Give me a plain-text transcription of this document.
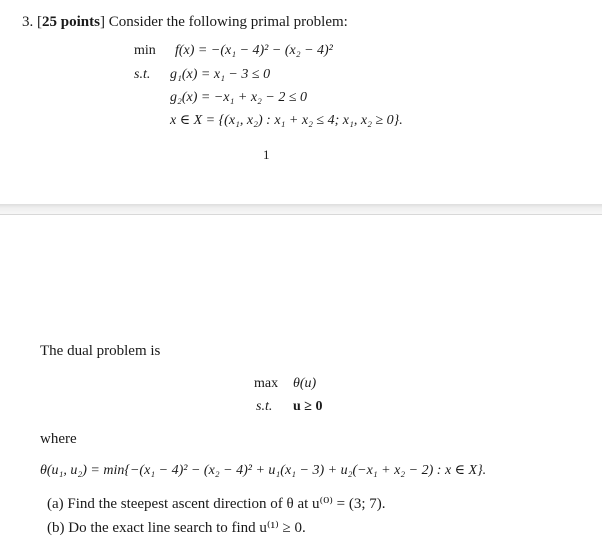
3. [25 points] Consider the following primal problem:
min f(x) = −(x₁ − 4)² − (x₂ − 4)²
s.t. g₁(x) = x₁ − 3 ≤ 0
g₂(x) = −x₁ + x₂ − 2 ≤ 0
x ∈ X = {(x₁, x₂) : x₁ + x₂ ≤ 4; x₁, x₂ ≥ 0}.
1
The dual problem is
max θ(u)
s.t. u ≥ 0
where
θ(u₁, u₂) = min{−(x₁ − 4)² − (x₂ − 4)² + u₁(x₁ − 3) + u₂(−x₁ + x₂ − 2) : x ∈ X}.
(a) Find the steepest ascent direction of θ at u⁽⁰⁾ = (3; 7).
(b) Do the exact line search to find u⁽¹⁾ ≥ 0.
